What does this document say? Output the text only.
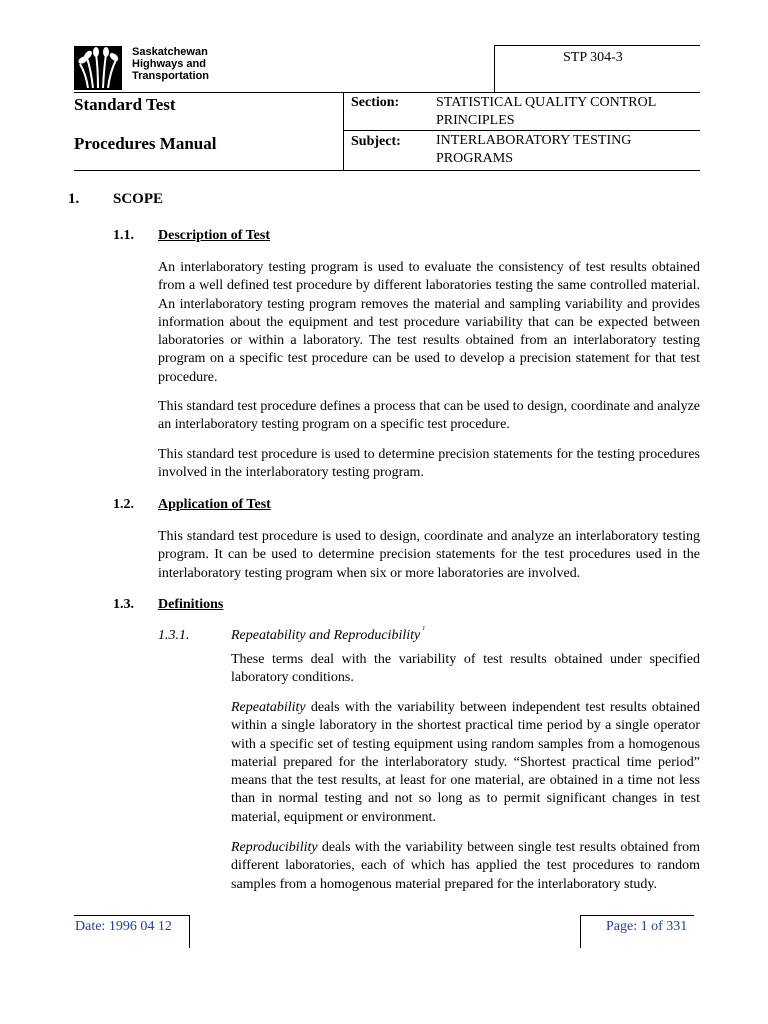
Saskatchewan
Highways and
Transportation
STP 304-3
Standard Test
Procedures Manual
Section:	STATISTICAL QUALITY CONTROL
PRINCIPLES
Subject:	INTERLABORATORY TESTING
PROGRAMS
1. SCOPE
1.1. Description of Test

An interlaboratory testing program is used to evaluate the consistency of test results obtained from a well defined test procedure by different laboratories testing the same controlled material. An interlaboratory testing program removes the material and sampling variability and provides information about the equipment and test procedure variability that can be expected between laboratories or within a laboratory. The test results obtained from an interlaboratory testing program on a specific test procedure can be used to develop a precision statement for that test procedure.

This standard test procedure defines a process that can be used to design, coordinate and analyze an interlaboratory testing program on a specific test procedure.

This standard test procedure is used to determine precision statements for the testing procedures involved in the interlaboratory testing program.

1.2. Application of Test

This standard test procedure is used to design, coordinate and analyze an interlaboratory testing program. It can be used to determine precision statements for the test procedures used in the interlaboratory testing program when six or more laboratories are involved.

1.3. Definitions
1.3.1.	Repeatability and Reproducibility $^1$

These terms deal with the variability of test results obtained under specified laboratory conditions.

Repeatability deals with the variability between independent test results obtained within a single laboratory in the shortest practical time period by a single operator with a specific set of testing equipment using random samples from a homogenous material prepared for the interlaboratory study. “Shortest practical time period” means that the test results, at least for one material, are obtained in a time not less than in normal testing and not so long as to permit significant changes in test material, equipment or environment.

Reproducibility deals with the variability between single test results obtained from different laboratories, each of which has applied the test procedures to random samples from a homogenous material prepared for the interlaboratory study.

Date: 1996 04 12	Page: 1 of 331
